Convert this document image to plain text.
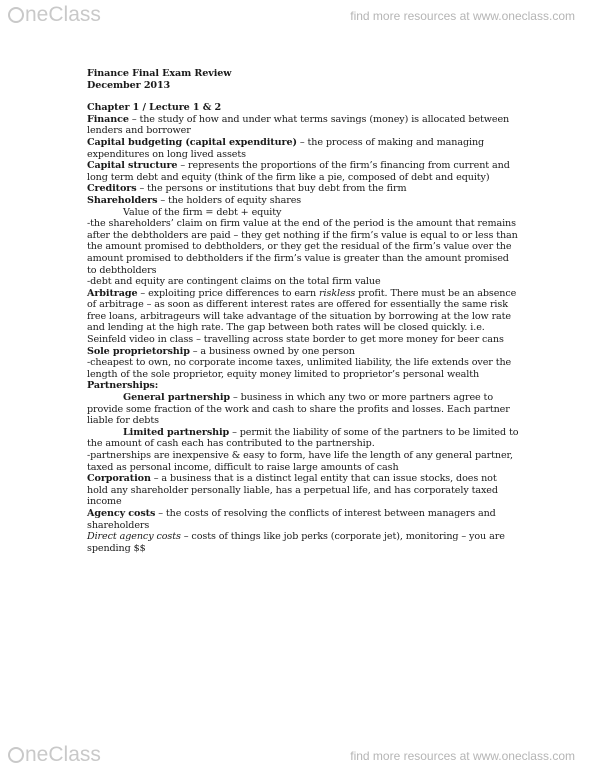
neClass	find more resources at www.oneclass.com

Finance Final Exam Review

December 2013

Chapter 1 / Lecture 1 & 2

Finance – the study of how and under what terms savings (money) is allocated between lenders and borrower

Capital budgeting (capital expenditure) – the process of making and managing expenditures on long lived assets

Capital structure – represents the proportions of the firm’s financing from current and long term debt and equity (think of the firm like a pie, composed of debt and equity)

Creditors – the persons or institutions that buy debt from the firm

Shareholders – the holders of equity shares

Value of the firm = debt + equity

-the shareholders’ claim on firm value at the end of the period is the amount that remains after the debtholders are paid – they get nothing if the firm’s value is equal to or less than the amount promised to debtholders, or they get the residual of the firm’s value over the amount promised to debtholders if the firm’s value is greater than the amount promised to debtholders

-debt and equity are contingent claims on the total firm value

Arbitrage – exploiting price differences to earn riskless profit. There must be an absence of arbitrage – as soon as different interest rates are offered for essentially the same risk free loans, arbitrageurs will take advantage of the situation by borrowing at the low rate and lending at the high rate. The gap between both rates will be closed quickly. i.e. Seinfeld video in class – travelling across state border to get more money for beer cans

Sole proprietorship – a business owned by one person

-cheapest to own, no corporate income taxes, unlimited liability, the life extends over the length of the sole proprietor, equity money limited to proprietor’s personal wealth

Partnerships:

General partnership – business in which any two or more partners agree to provide some fraction of the work and cash to share the profits and losses. Each partner liable for debts

Limited partnership – permit the liability of some of the partners to be limited to the amount of cash each has contributed to the partnership.

-partnerships are inexpensive & easy to form, have life the length of any general partner, taxed as personal income, difficult to raise large amounts of cash

Corporation – a business that is a distinct legal entity that can issue stocks, does not hold any shareholder personally liable, has a perpetual life, and has corporately taxed income

Agency costs – the costs of resolving the conflicts of interest between managers and shareholders

Direct agency costs – costs of things like job perks (corporate jet), monitoring – you are spending $$

neClass	find more resources at www.oneclass.com
